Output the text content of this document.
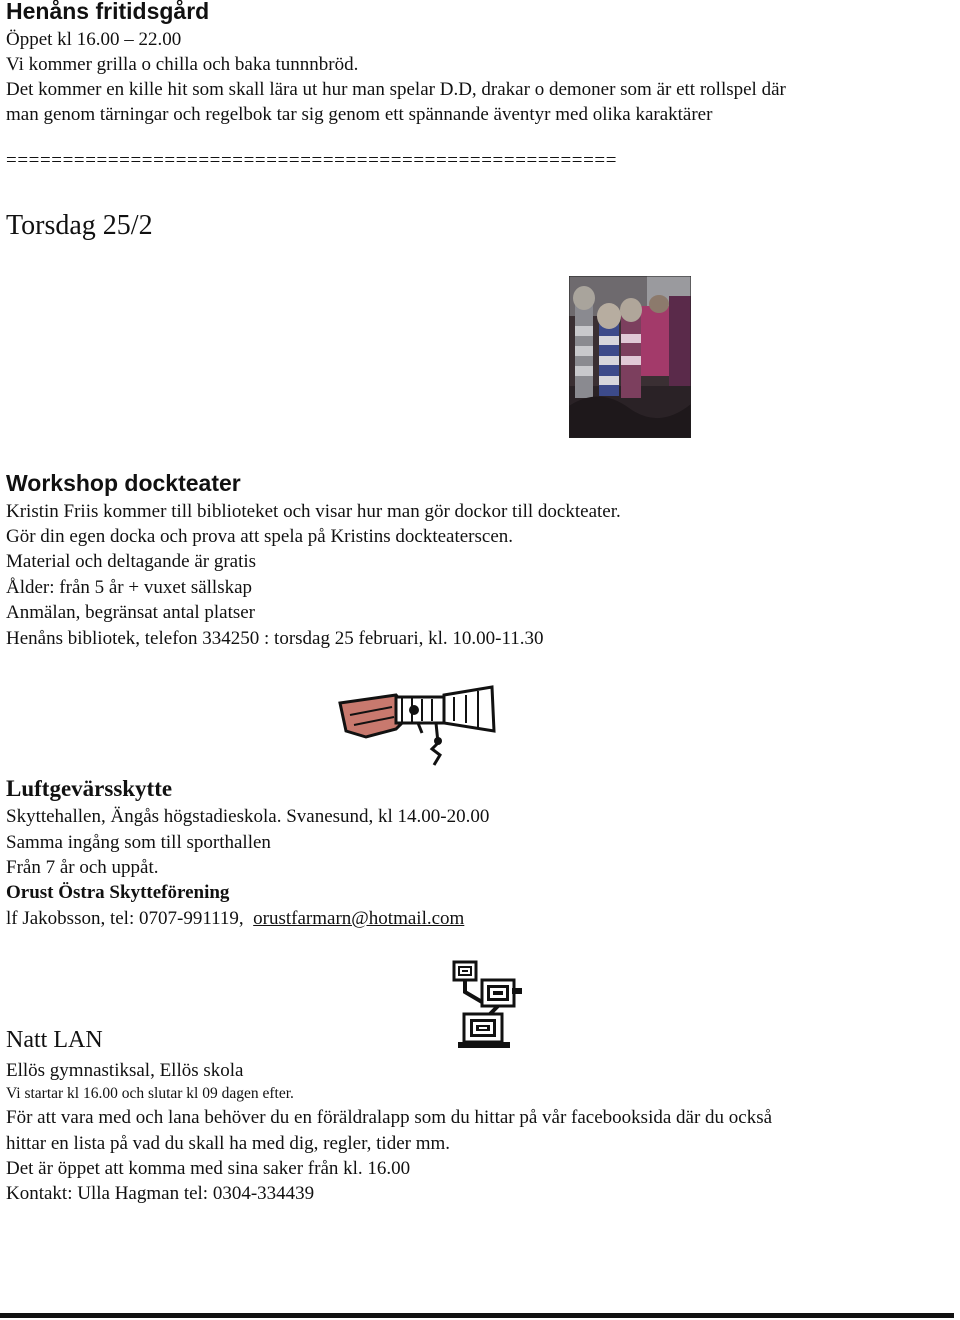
Henåns fritidsgård
Öppet kl 16.00 – 22.00
Vi kommer grilla o chilla och baka tunnnbröd.
Det kommer en kille hit som skall lära ut hur man spelar D.D, drakar o demoner som är ett rollspel där
man genom tärningar och regelbok tar sig genom ett spännande äventyr med olika karaktärer
======================================================
Torsdag 25/2
Workshop dockteater
Kristin Friis kommer till biblioteket och visar hur man gör dockor till dockteater.
Gör din egen docka och prova att spela på Kristins dockteaterscen.
Material och deltagande är gratis
Ålder: från 5 år + vuxet sällskap
Anmälan, begränsat antal platser
Henåns bibliotek, telefon 334250 : torsdag 25 februari, kl. 10.00-11.30
Luftgevärsskytte
Skyttehallen, Ängås högstadieskola. Svanesund, kl 14.00-20.00
Samma ingång som till sporthallen
Från 7 år och uppåt.
Orust Östra Skytteförening
lf Jakobsson, tel: 0707-991119,  orustfarmarn@hotmail.com
Natt LAN
Ellös gymnastiksal, Ellös skola
Vi startar kl 16.00 och slutar kl 09 dagen efter.
För att vara med och lana behöver du en föräldralapp som du hittar på vår facebooksida där du också
hittar en lista på vad du skall ha med dig, regler, tider mm.
Det är öppet att komma med sina saker från kl. 16.00
Kontakt: Ulla Hagman tel: 0304-334439
